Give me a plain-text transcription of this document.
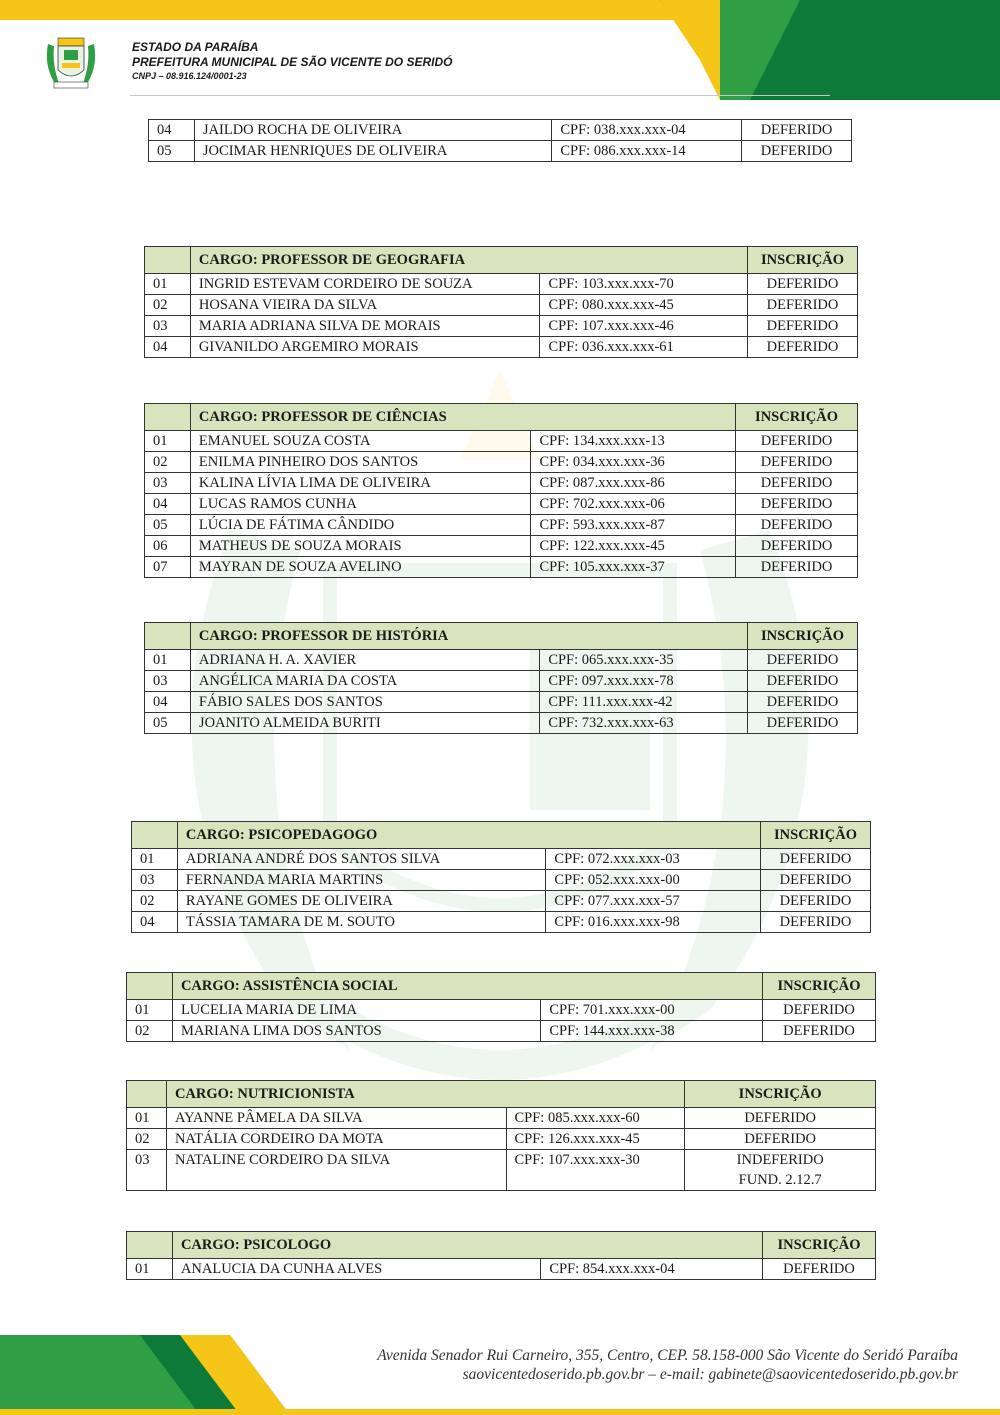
ESTADO DA PARAÍBA
PREFEITURA MUNICIPAL DE SÃO VICENTE DO SERIDÓ
CNPJ – 08.916.124/0001-23
04	JAILDO ROCHA DE OLIVEIRA	CPF: 038.xxx.xxx-04	DEFERIDO
05	JOCIMAR HENRIQUES DE OLIVEIRA	CPF: 086.xxx.xxx-14	DEFERIDO
	CARGO: PROFESSOR DE GEOGRAFIA		INSCRIÇÃO
01	INGRID ESTEVAM CORDEIRO DE SOUZA	CPF: 103.xxx.xxx-70	DEFERIDO
02	HOSANA VIEIRA DA SILVA	CPF: 080.xxx.xxx-45	DEFERIDO
03	MARIA ADRIANA SILVA DE MORAIS	CPF: 107.xxx.xxx-46	DEFERIDO
04	GIVANILDO ARGEMIRO MORAIS	CPF: 036.xxx.xxx-61	DEFERIDO
	CARGO: PROFESSOR DE CIÊNCIAS		INSCRIÇÃO
01	EMANUEL SOUZA COSTA	CPF: 134.xxx.xxx-13	DEFERIDO
02	ENILMA PINHEIRO DOS SANTOS	CPF: 034.xxx.xxx-36	DEFERIDO
03	KALINA LÍVIA LIMA DE OLIVEIRA	CPF: 087.xxx.xxx-86	DEFERIDO
04	LUCAS RAMOS CUNHA	CPF: 702.xxx.xxx-06	DEFERIDO
05	LÚCIA DE FÁTIMA CÂNDIDO	CPF: 593.xxx.xxx-87	DEFERIDO
06	MATHEUS DE SOUZA MORAIS	CPF: 122.xxx.xxx-45	DEFERIDO
07	MAYRAN DE SOUZA AVELINO	CPF: 105.xxx.xxx-37	DEFERIDO
	CARGO: PROFESSOR DE HISTÓRIA		INSCRIÇÃO
01	ADRIANA H. A. XAVIER	CPF: 065.xxx.xxx-35	DEFERIDO
03	ANGÉLICA MARIA DA COSTA	CPF: 097.xxx.xxx-78	DEFERIDO
04	FÁBIO SALES DOS SANTOS	CPF: 111.xxx.xxx-42	DEFERIDO
05	JOANITO ALMEIDA BURITI	CPF: 732.xxx.xxx-63	DEFERIDO
	CARGO: PSICOPEDAGOGO		INSCRIÇÃO
01	ADRIANA ANDRÉ DOS SANTOS SILVA	CPF: 072.xxx.xxx-03	DEFERIDO
03	FERNANDA MARIA MARTINS	CPF: 052.xxx.xxx-00	DEFERIDO
02	RAYANE GOMES DE OLIVEIRA	CPF: 077.xxx.xxx-57	DEFERIDO
04	TÁSSIA TAMARA DE M. SOUTO	CPF: 016.xxx.xxx-98	DEFERIDO
	CARGO: ASSISTÊNCIA SOCIAL		INSCRIÇÃO
01	LUCELIA MARIA DE LIMA	CPF: 701.xxx.xxx-00	DEFERIDO
02	MARIANA LIMA DOS SANTOS	CPF: 144.xxx.xxx-38	DEFERIDO
	CARGO: NUTRICIONISTA		INSCRIÇÃO
01	AYANNE PÂMELA DA SILVA	CPF: 085.xxx.xxx-60	DEFERIDO
02	NATÁLIA CORDEIRO DA MOTA	CPF: 126.xxx.xxx-45	DEFERIDO
03	NATALINE CORDEIRO DA SILVA	CPF: 107.xxx.xxx-30	INDEFERIDO
FUND. 2.12.7
	CARGO: PSICOLOGO		INSCRIÇÃO
01	ANALUCIA DA CUNHA ALVES	CPF: 854.xxx.xxx-04	DEFERIDO
Avenida Senador Rui Carneiro, 355, Centro, CEP. 58.158-000 São Vicente do Seridó Paraíba
saovicentedoserido.pb.gov.br – e-mail: gabinete@saovicentedoserido.pb.gov.br
